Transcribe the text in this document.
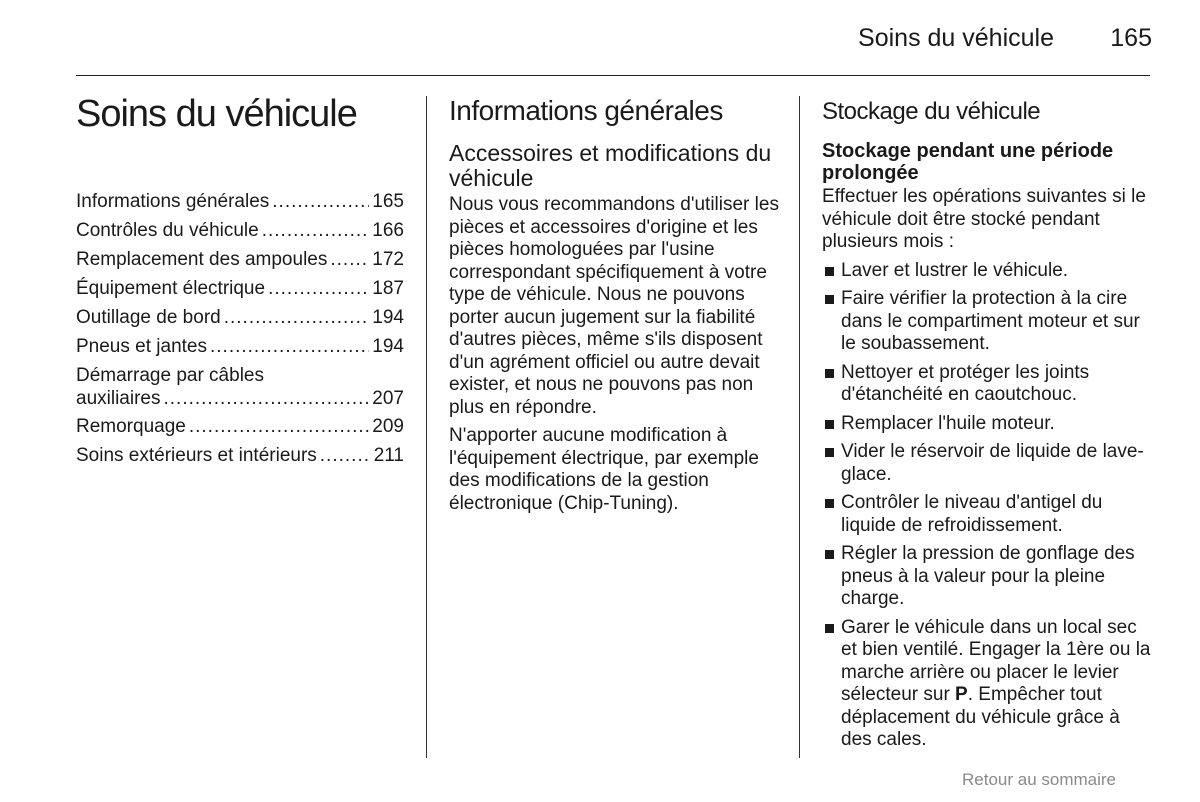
Soins du véhicule 165
Soins du véhicule
Informations générales .....	165
Contrôles du véhicule .....	166
Remplacement des ampoules ..... 172
Équipement électrique .....	187
Outillage de bord .....	194
Pneus et jantes .....	194
Démarrage par câbles
auxiliaires .....	207
Remorquage .....	209
Soins extérieurs et intérieurs .....	211
Informations générales
Accessoires et modifications du véhicule

Nous vous recommandons d'utiliser les pièces et accessoires d'origine et les pièces homologuées par l'usine correspondant spécifiquement à votre type de véhicule. Nous ne pouvons porter aucun jugement sur la fiabilité d'autres pièces, même s'ils disposent d'un agrément officiel ou autre devait exister, et nous ne pouvons pas non plus en répondre.

N'apporter aucune modification à l'équipement électrique, par exemple des modifications de la gestion électronique (Chip-Tuning).

Stockage du véhicule
Stockage pendant une période prolongée

Effectuer les opérations suivantes si le véhicule doit être stocké pendant plusieurs mois :

Laver et lustrer le véhicule.
Faire vérifier la protection à la cire dans le compartiment moteur et sur le soubassement.
Nettoyer et protéger les joints d'étanchéité en caoutchouc.
Remplacer l'huile moteur.
Vider le réservoir de liquide de lave-glace.
Contrôler le niveau d'antigel du liquide de refroidissement.
Régler la pression de gonflage des pneus à la valeur pour la pleine charge.
Garer le véhicule dans un local sec et bien ventilé. Engager la 1ère ou la marche arrière ou placer le levier sélecteur sur P. Empêcher tout déplacement du véhicule grâce à des cales.
Retour au sommaire
